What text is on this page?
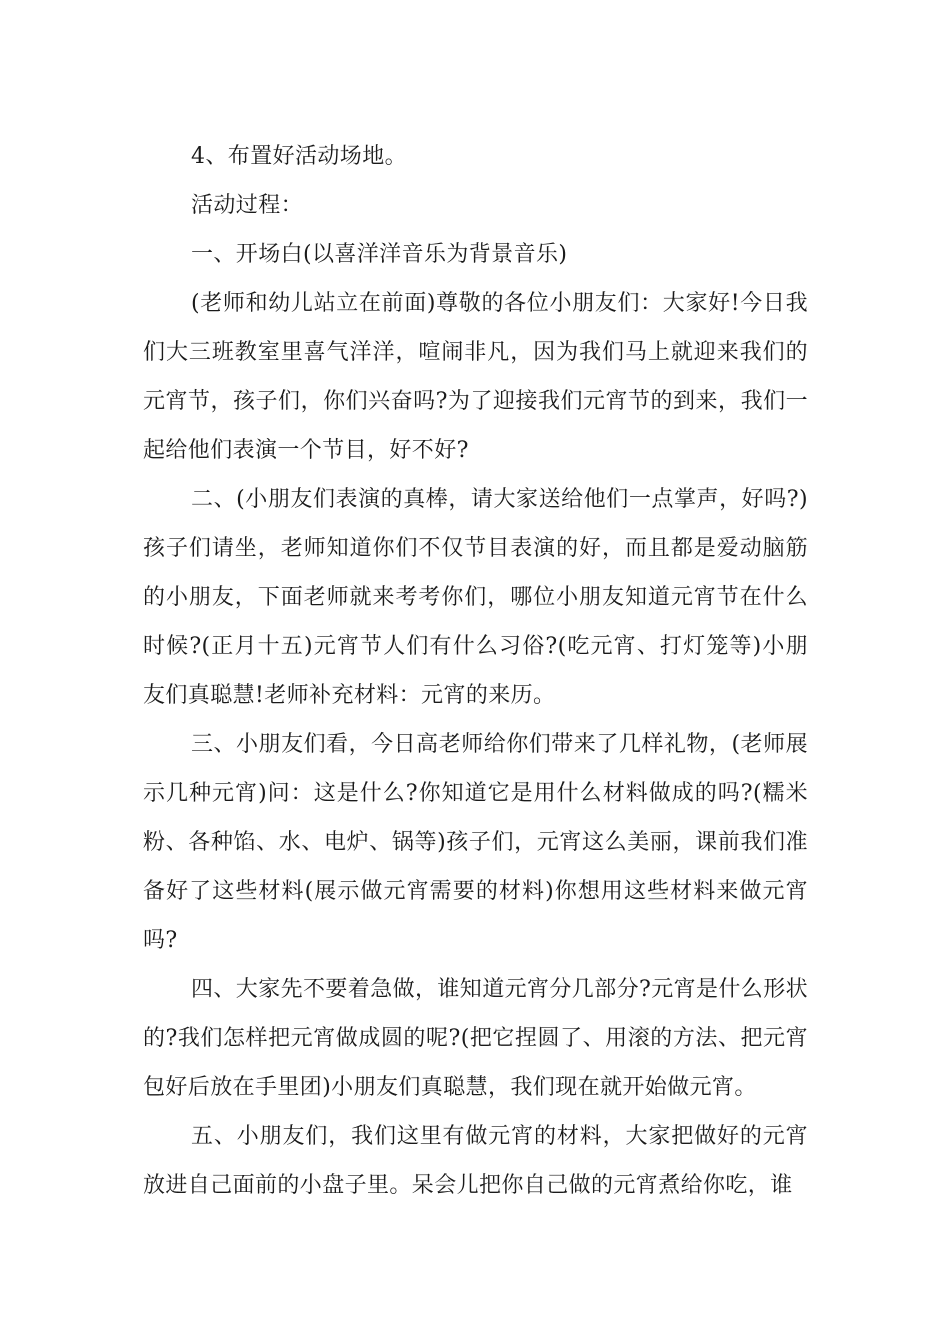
4、布置好活动场地。

活动过程：

一、开场白(以喜洋洋音乐为背景音乐)

(老师和幼儿站立在前面)尊敬的各位小朋友们：大家好!今日我们大三班教室里喜气洋洋，喧闹非凡，因为我们马上就迎来我们的元宵节，孩子们，你们兴奋吗?为了迎接我们元宵节的到来，我们一起给他们表演一个节目，好不好?

二、(小朋友们表演的真棒，请大家送给他们一点掌声，好吗?)孩子们请坐，老师知道你们不仅节目表演的好，而且都是爱动脑筋的小朋友，下面老师就来考考你们，哪位小朋友知道元宵节在什么时候?(正月十五)元宵节人们有什么习俗?(吃元宵、打灯笼等)小朋友们真聪慧!老师补充材料：元宵的来历。

三、小朋友们看，今日高老师给你们带来了几样礼物，(老师展示几种元宵)问：这是什么?你知道它是用什么材料做成的吗?(糯米粉、各种馅、水、电炉、锅等)孩子们，元宵这么美丽，课前我们准备好了这些材料(展示做元宵需要的材料)你想用这些材料来做元宵吗?

四、大家先不要着急做，谁知道元宵分几部分?元宵是什么形状的?我们怎样把元宵做成圆的呢?(把它捏圆了、用滚的方法、把元宵包好后放在手里团)小朋友们真聪慧，我们现在就开始做元宵。

五、小朋友们，我们这里有做元宵的材料，大家把做好的元宵放进自己面前的小盘子里。呆会儿把你自己做的元宵煮给你吃，谁
